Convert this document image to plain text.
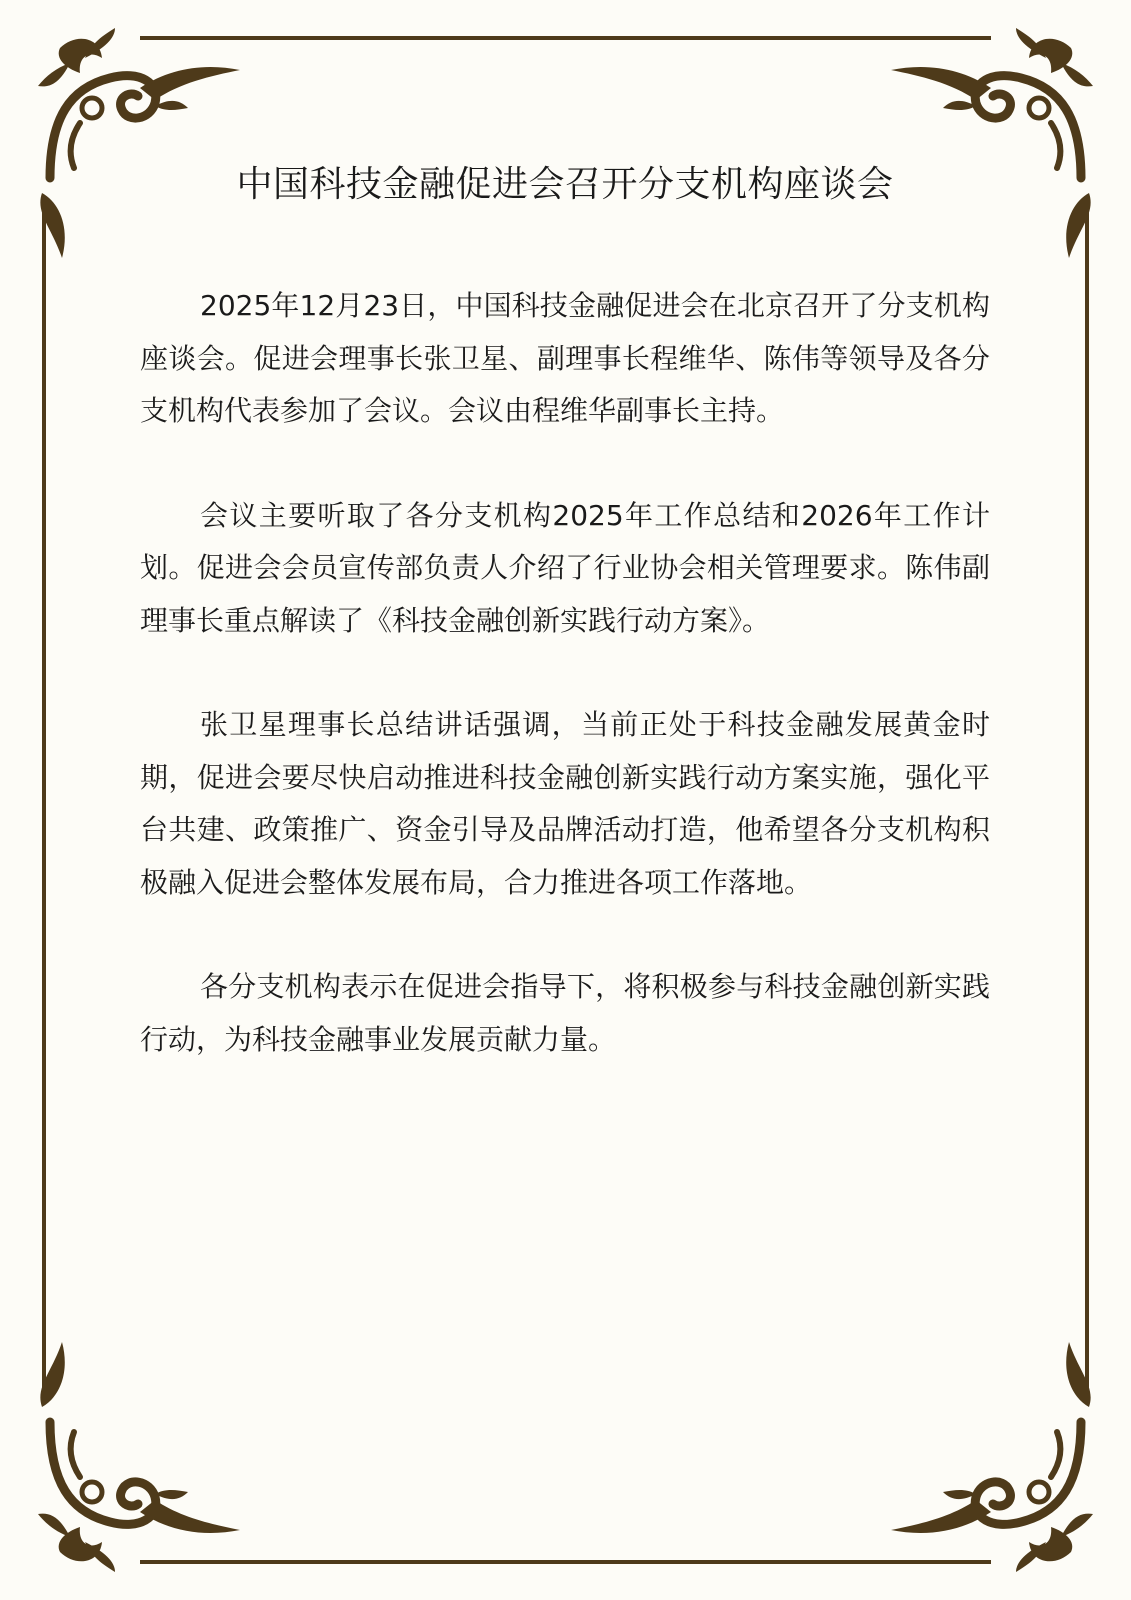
中国科技金融促进会召开分支机构座谈会

2025年12月23日，中国科技金融促进会在北京召开了分支机构座谈会。促进会理事长张卫星、副理事长程维华、陈伟等领导及各分支机构代表参加了会议。会议由程维华副事长主持。

会议主要听取了各分支机构2025年工作总结和2026年工作计划。促进会会员宣传部负责人介绍了行业协会相关管理要求。陈伟副理事长重点解读了《科技金融创新实践行动方案》。

张卫星理事长总结讲话强调，当前正处于科技金融发展黄金时期，促进会要尽快启动推进科技金融创新实践行动方案实施，强化平台共建、政策推广、资金引导及品牌活动打造，他希望各分支机构积极融入促进会整体发展布局，合力推进各项工作落地。

各分支机构表示在促进会指导下，将积极参与科技金融创新实践行动，为科技金融事业发展贡献力量。
